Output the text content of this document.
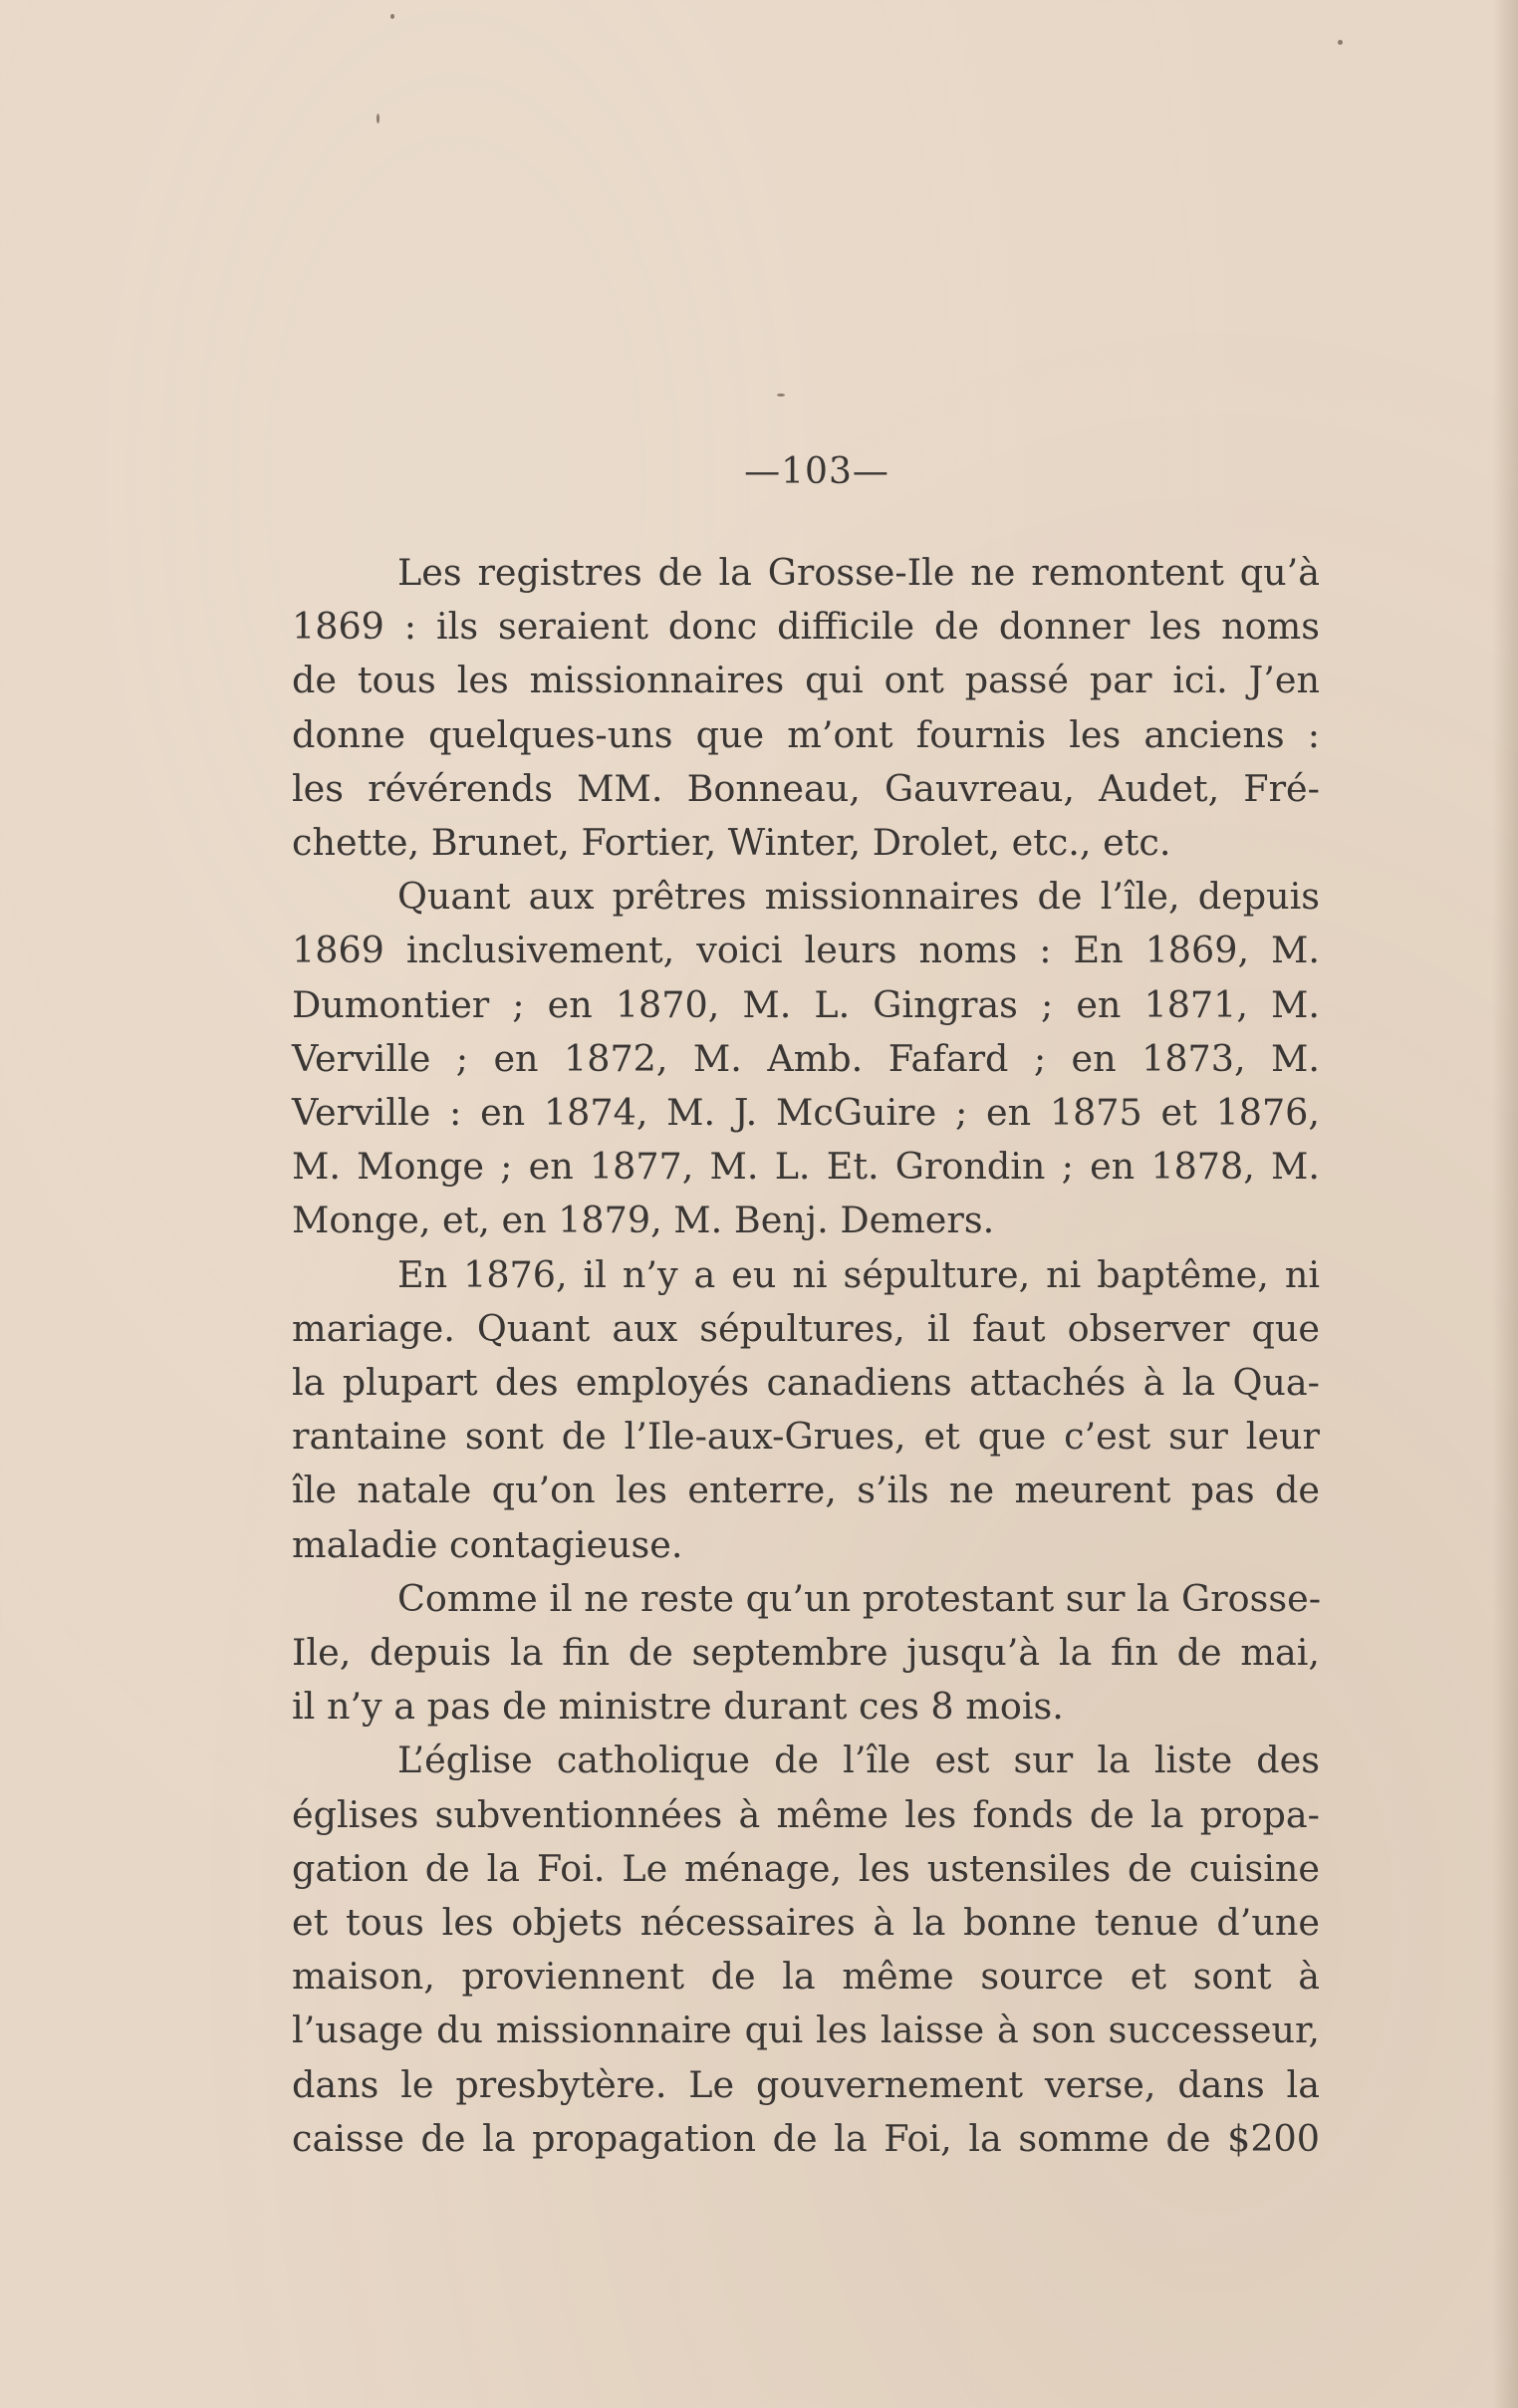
—103—
Les registres de la Grosse-Ile ne remontent qu’à
1869 : ils seraient donc difficile de donner les noms
de tous les missionnaires qui ont passé par ici. J’en
donne quelques-uns que m’ont fournis les anciens :
les révérends MM. Bonneau, Gauvreau, Audet, Fré-
chette, Brunet, Fortier, Winter, Drolet, etc., etc.
Quant aux prêtres missionnaires de l’île, depuis
1869 inclusivement, voici leurs noms : En 1869, M.
Dumontier ; en 1870, M. L. Gingras ; en 1871, M.
Verville ; en 1872, M. Amb. Fafard ; en 1873, M.
Verville : en 1874, M. J. McGuire ; en 1875 et 1876,
M. Monge ; en 1877, M. L. Et. Grondin ; en 1878, M.
Monge, et, en 1879, M. Benj. Demers.
En 1876, il n’y a eu ni sépulture, ni baptême, ni
mariage. Quant aux sépultures, il faut observer que
la plupart des employés canadiens attachés à la Qua-
rantaine sont de l’Ile-aux-Grues, et que c’est sur leur
île natale qu’on les enterre, s’ils ne meurent pas de
maladie contagieuse.
Comme il ne reste qu’un protestant sur la Grosse-
Ile, depuis la fin de septembre jusqu’à la fin de mai,
il n’y a pas de ministre durant ces 8 mois.
L’église catholique de l’île est sur la liste des
églises subventionnées à même les fonds de la propa-
gation de la Foi. Le ménage, les ustensiles de cuisine
et tous les objets nécessaires à la bonne tenue d’une
maison, proviennent de la même source et sont à
l’usage du missionnaire qui les laisse à son successeur,
dans le presbytère. Le gouvernement verse, dans la
caisse de la propagation de la Foi, la somme de $200
